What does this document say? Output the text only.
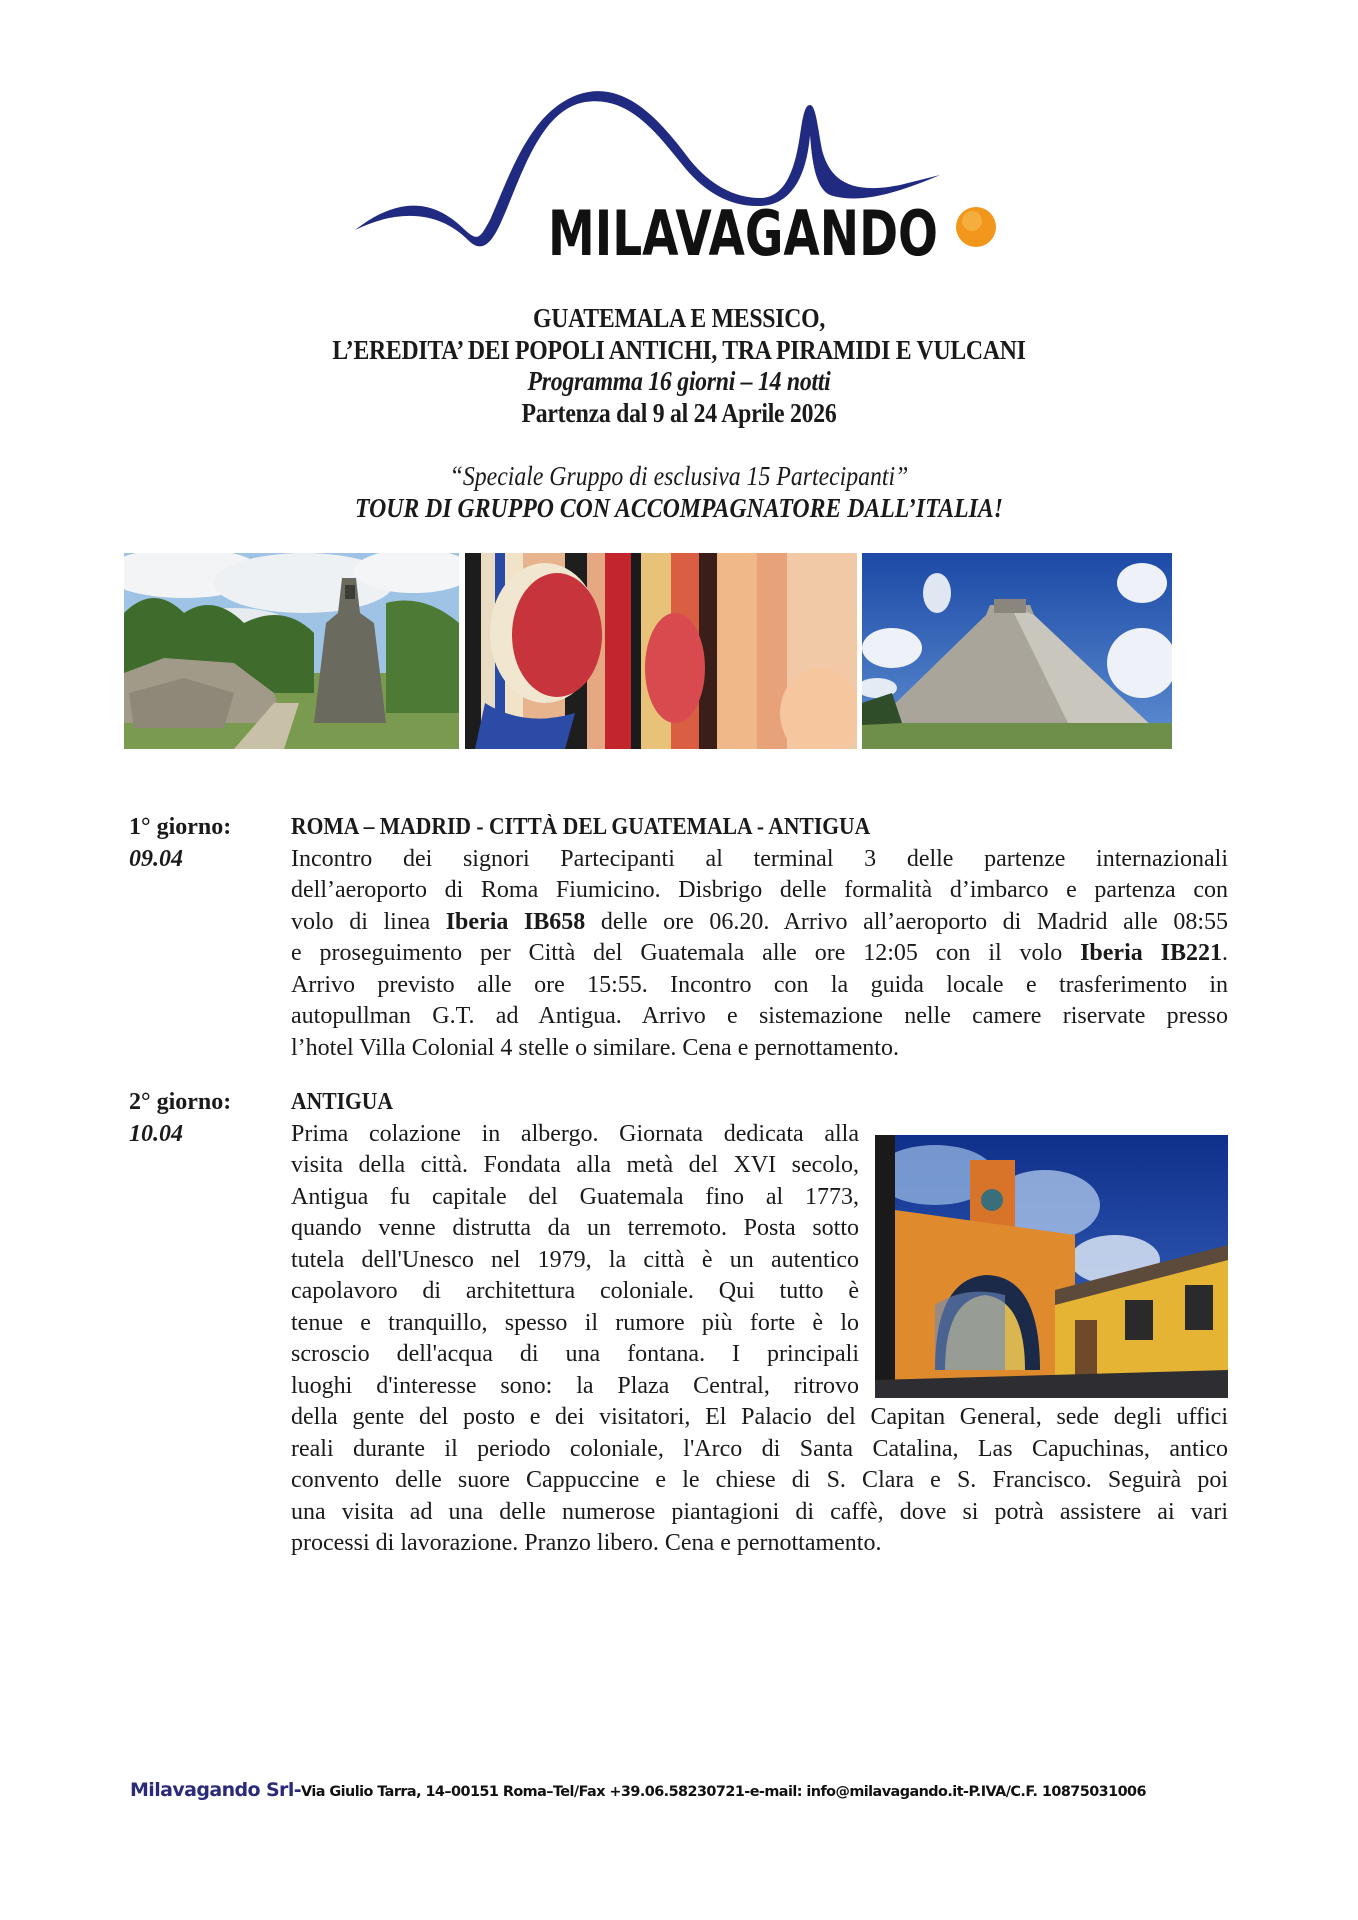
MILAVAGANDO
GUATEMALA E MESSICO,
L’EREDITA’ DEI POPOLI ANTICHI, TRA PIRAMIDI E VULCANI
Programma 16 giorni – 14 notti
Partenza dal 9 al 24 Aprile 2026
“Speciale Gruppo di esclusiva 15 Partecipanti”
TOUR DI GRUPPO CON ACCOMPAGNATORE DALL’ITALIA!
1° giorno:
09.04
ROMA – MADRID - CITTÀ DEL GUATEMALA - ANTIGUA
Incontro dei signori Partecipanti al terminal 3 delle partenze internazionali
dell’aeroporto di Roma Fiumicino. Disbrigo delle formalità d’imbarco e partenza con
volo di linea Iberia IB658 delle ore 06.20. Arrivo all’aeroporto di Madrid alle 08:55
e proseguimento per Città del Guatemala alle ore 12:05 con il volo Iberia IB221.
Arrivo previsto alle ore 15:55. Incontro con la guida locale e trasferimento in
autopullman G.T. ad Antigua. Arrivo e sistemazione nelle camere riservate presso
l’hotel Villa Colonial 4 stelle o similare. Cena e pernottamento.
2° giorno:
10.04
ANTIGUA
Prima colazione in albergo. Giornata dedicata alla
visita della città. Fondata alla metà del XVI secolo,
Antigua fu capitale del Guatemala fino al 1773,
quando venne distrutta da un terremoto. Posta sotto
tutela dell'Unesco nel 1979, la città è un autentico
capolavoro di architettura coloniale. Qui tutto è
tenue e tranquillo, spesso il rumore più forte è lo
scroscio dell'acqua di una fontana. I principali
luoghi d'interesse sono: la Plaza Central, ritrovo
della gente del posto e dei visitatori, El Palacio del Capitan General, sede degli uffici
reali durante il periodo coloniale, l'Arco di Santa Catalina, Las Capuchinas, antico
convento delle suore Cappuccine e le chiese di S. Clara e S. Francisco. Seguirà poi
una visita ad una delle numerose piantagioni di caffè, dove si potrà assistere ai vari
processi di lavorazione. Pranzo libero. Cena e pernottamento.
Milavagando Srl-Via Giulio Tarra, 14–00151 Roma–Tel/Fax +39.06.58230721-e-mail: info@milavagando.it-P.IVA/C.F. 10875031006
